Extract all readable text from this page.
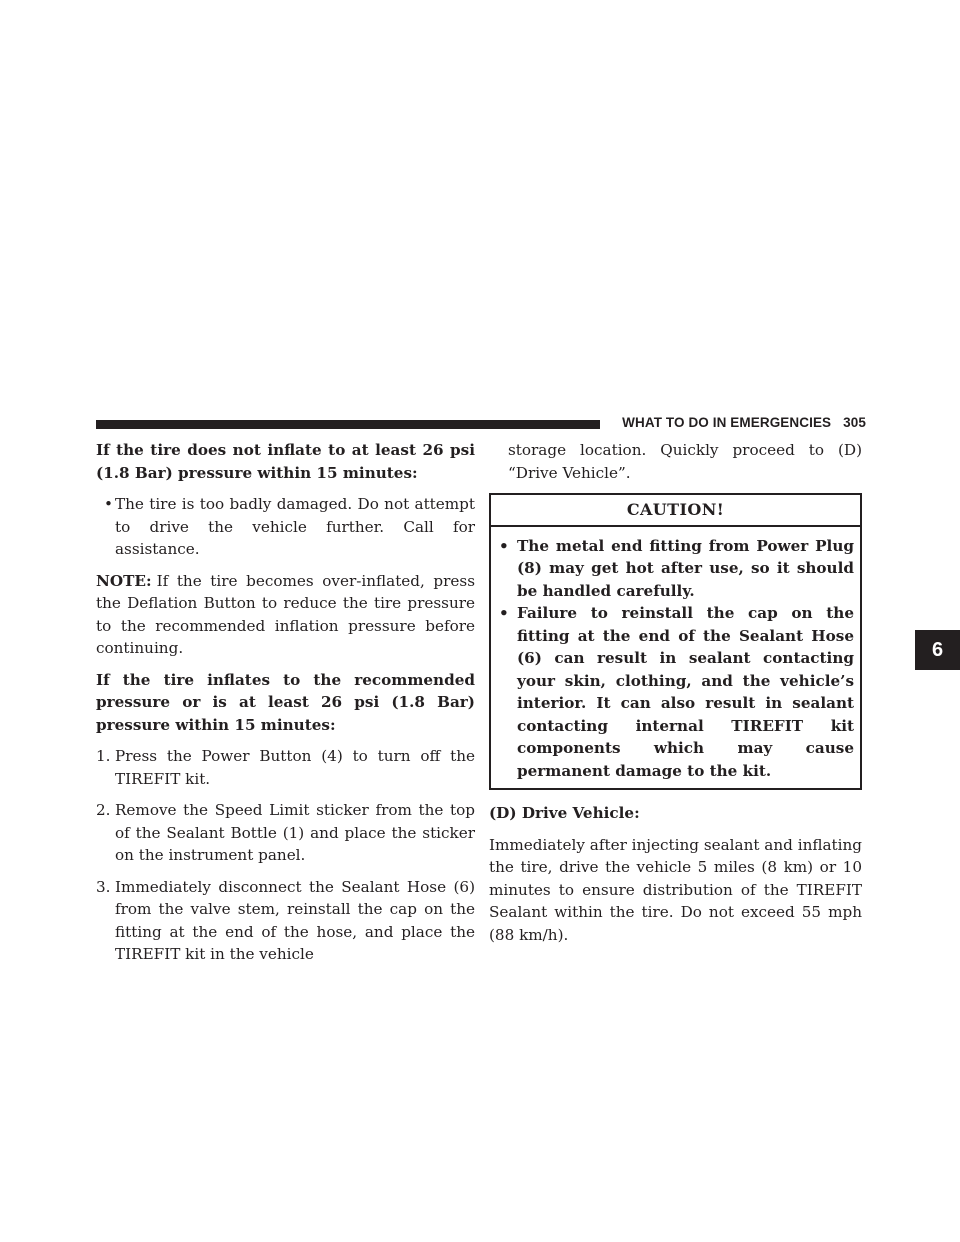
WHAT TO DO IN EMERGENCIES 305
6

If the tire does not inflate to at least 26 psi (1.8 Bar) pressure within 15 minutes:

• The tire is too badly damaged. Do not attempt to drive the vehicle further. Call for assistance.

NOTE: If the tire becomes over-inflated, press the Deflation Button to reduce the tire pressure to the recommended inflation pressure before continuing.

If the tire inflates to the recommended pressure or is at least 26 psi (1.8 Bar) pressure within 15 minutes:

1. Press the Power Button (4) to turn off the TIREFIT kit.
2. Remove the Speed Limit sticker from the top of the Sealant Bottle (1) and place the sticker on the instrument panel.
3. Immediately disconnect the Sealant Hose (6) from the valve stem, reinstall the cap on the fitting at the end of the hose, and place the TIREFIT kit in the vehicle
storage location. Quickly proceed to (D) “Drive Vehicle”.
CAUTION!
• The metal end fitting from Power Plug (8) may get hot after use, so it should be handled carefully.
• Failure to reinstall the cap on the fitting at the end of the Sealant Hose (6) can result in sealant contacting your skin, clothing, and the vehicle’s interior. It can also result in sealant contacting internal TIREFIT kit components which may cause permanent damage to the kit.

(D) Drive Vehicle:

Immediately after injecting sealant and inflating the tire, drive the vehicle 5 miles (8 km) or 10 minutes to ensure distribution of the TIREFIT Sealant within the tire. Do not exceed 55 mph (88 km/h).
